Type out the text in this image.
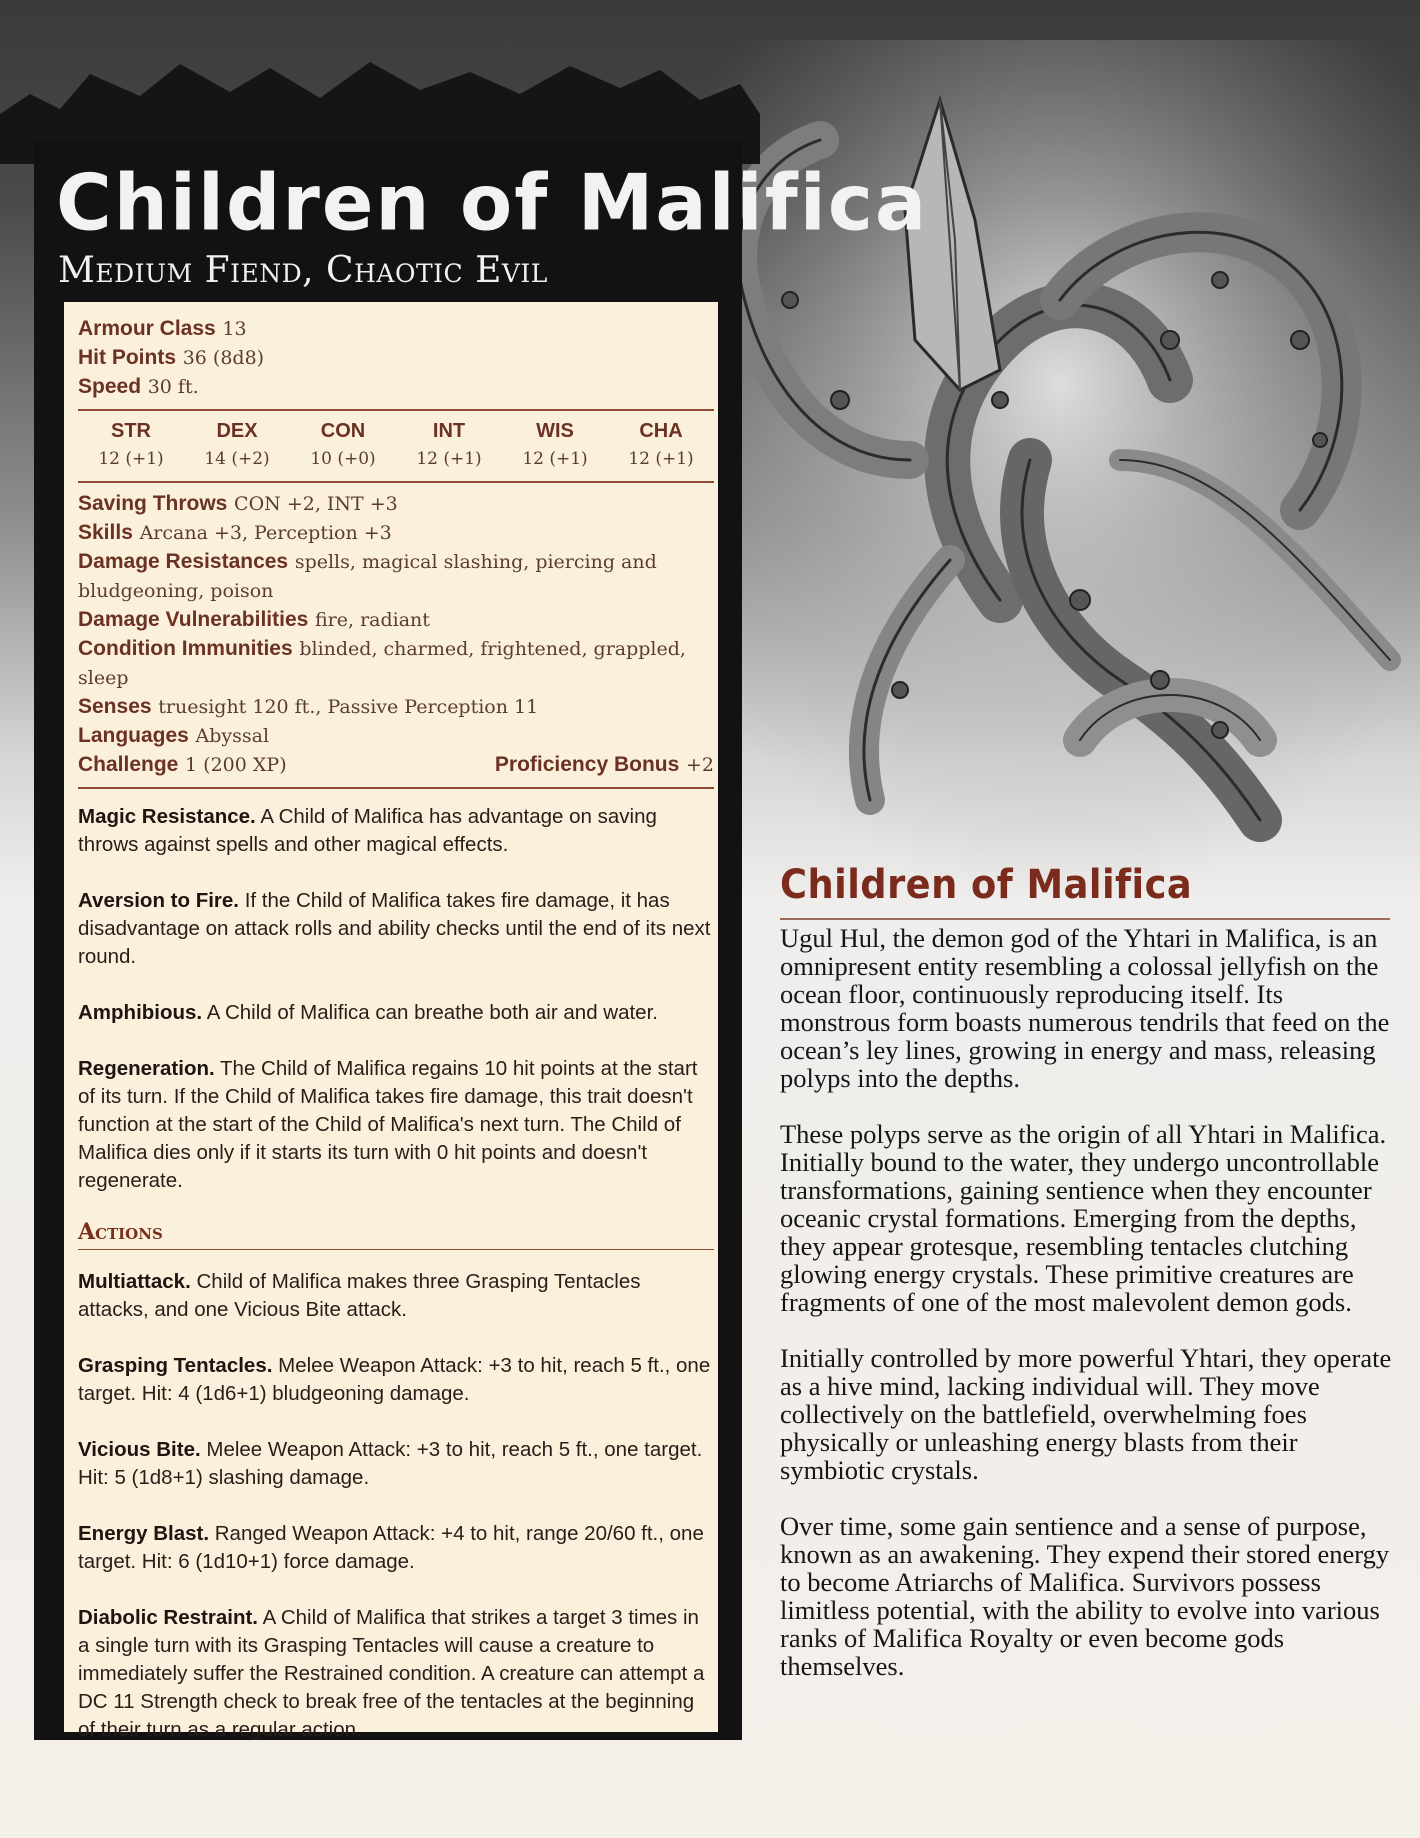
Children of Malifica
Medium Fiend, Chaotic Evil
Armour Class 13
Hit Points 36 (8d8)
Speed 30 ft.
STR
12 (+1)
DEX
14 (+2)
CON
10 (+0)
INT
12 (+1)
WIS
12 (+1)
CHA
12 (+1)
Saving Throws CON +2, INT +3
Skills Arcana +3, Perception +3
Damage Resistances spells, magical slashing, piercing and bludgeoning, poison
Damage Vulnerabilities fire, radiant
Condition Immunities blinded, charmed, frightened, grappled, sleep
Senses truesight 120 ft., Passive Perception 11
Languages Abyssal
Challenge 1 (200 XP)	Proficiency Bonus +2

Magic Resistance. A Child of Malifica has advantage on saving throws against spells and other magical effects.

Aversion to Fire. If the Child of Malifica takes fire damage, it has disadvantage on attack rolls and ability checks until the end of its next round.

Amphibious. A Child of Malifica can breathe both air and water.

Regeneration. The Child of Malifica regains 10 hit points at the start of its turn. If the Child of Malifica takes fire damage, this trait doesn't function at the start of the Child of Malifica's next turn. The Child of Malifica dies only if it starts its turn with 0 hit points and doesn't regenerate.

Actions

Multiattack. Child of Malifica makes three Grasping Tentacles attacks, and one Vicious Bite attack.

Grasping Tentacles. Melee Weapon Attack: +3 to hit, reach 5 ft., one target. Hit: 4 (1d6+1) bludgeoning damage.

Vicious Bite. Melee Weapon Attack: +3 to hit, reach 5 ft., one target. Hit: 5 (1d8+1) slashing damage.

Energy Blast. Ranged Weapon Attack: +4 to hit, range 20/60 ft., one target. Hit: 6 (1d10+1) force damage.

Diabolic Restraint. A Child of Malifica that strikes a target 3 times in a single turn with its Grasping Tentacles will cause a creature to immediately suffer the Restrained condition. A creature can attempt a DC 11 Strength check to break free of the tentacles at the beginning of their turn as a regular action.

Children of Malifica

Ugul Hul, the demon god of the Yhtari in Malifica, is an omnipresent entity resembling a colossal jellyfish on the ocean floor, continuously reproducing itself. Its monstrous form boasts numerous tendrils that feed on the ocean’s ley lines, growing in energy and mass, releasing polyps into the depths.

These polyps serve as the origin of all Yhtari in Malifica. Initially bound to the water, they undergo uncontrollable transformations, gaining sentience when they encounter oceanic crystal formations. Emerging from the depths, they appear grotesque, resembling tentacles clutching glowing energy crystals. These primitive creatures are fragments of one of the most malevolent demon gods.

Initially controlled by more powerful Yhtari, they operate as a hive mind, lacking individual will. They move collectively on the battlefield, overwhelming foes physically or unleashing energy blasts from their symbiotic crystals.

Over time, some gain sentience and a sense of purpose, known as an awakening. They expend their stored energy to become Atriarchs of Malifica. Survivors possess limitless potential, with the ability to evolve into various ranks of Malifica Royalty or even become gods themselves.
